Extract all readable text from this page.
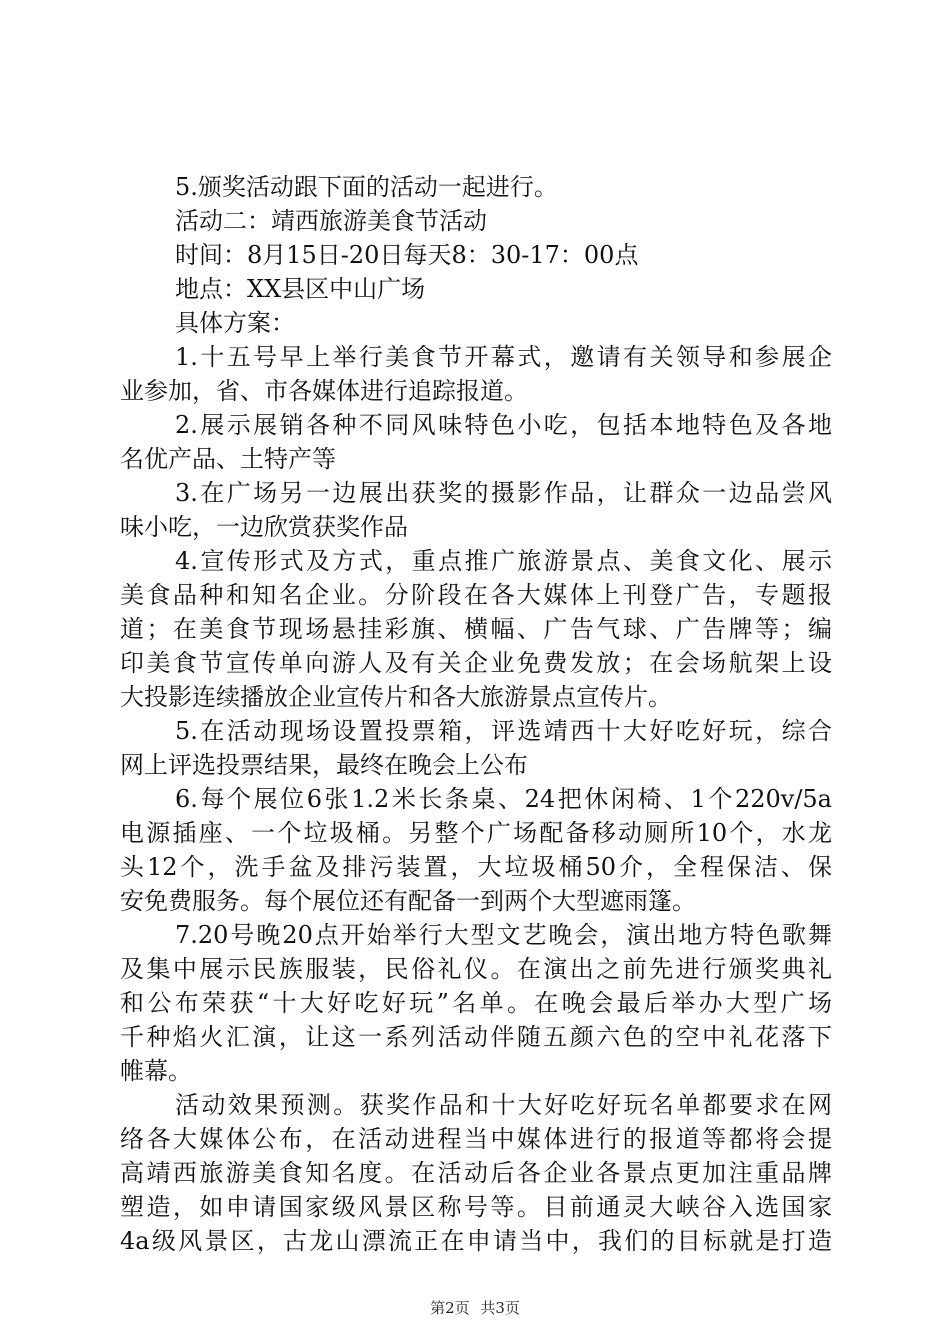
5.颁奖活动跟下面的活动一起进行。
活动二：靖西旅游美食节活动
时间：8月15日-20日每天8：30-17：00点
地点：XX县区中山广场
具体方案：
1.十五号早上举行美食节开幕式，邀请有关领导和参展企
业参加，省、市各媒体进行追踪报道。
2.展示展销各种不同风味特色小吃，包括本地特色及各地
名优产品、土特产等
3.在广场另一边展出获奖的摄影作品，让群众一边品尝风
味小吃，一边欣赏获奖作品
4.宣传形式及方式，重点推广旅游景点、美食文化、展示
美食品种和知名企业。分阶段在各大媒体上刊登广告，专题报
道；在美食节现场悬挂彩旗、横幅、广告气球、广告牌等；编
印美食节宣传单向游人及有关企业免费发放；在会场航架上设
大投影连续播放企业宣传片和各大旅游景点宣传片。
5.在活动现场设置投票箱，评选靖西十大好吃好玩，综合
网上评选投票结果，最终在晚会上公布
6.每个展位6张1.2米长条桌、24把休闲椅、1个220v/5a
电源插座、一个垃圾桶。另整个广场配备移动厕所10个，水龙
头12个，洗手盆及排污装置，大垃圾桶50介，全程保洁、保
安免费服务。每个展位还有配备一到两个大型遮雨篷。
7.20号晚20点开始举行大型文艺晚会，演出地方特色歌舞
及集中展示民族服装，民俗礼仪。在演出之前先进行颁奖典礼
和公布荣获“十大好吃好玩”名单。在晚会最后举办大型广场
千种焰火汇演，让这一系列活动伴随五颜六色的空中礼花落下
帷幕。
活动效果预测。获奖作品和十大好吃好玩名单都要求在网
络各大媒体公布，在活动进程当中媒体进行的报道等都将会提
高靖西旅游美食知名度。在活动后各企业各景点更加注重品牌
塑造，如申请国家级风景区称号等。目前通灵大峡谷入选国家
4a级风景区，古龙山漂流正在申请当中，我们的目标就是打造
第2页 共3页
